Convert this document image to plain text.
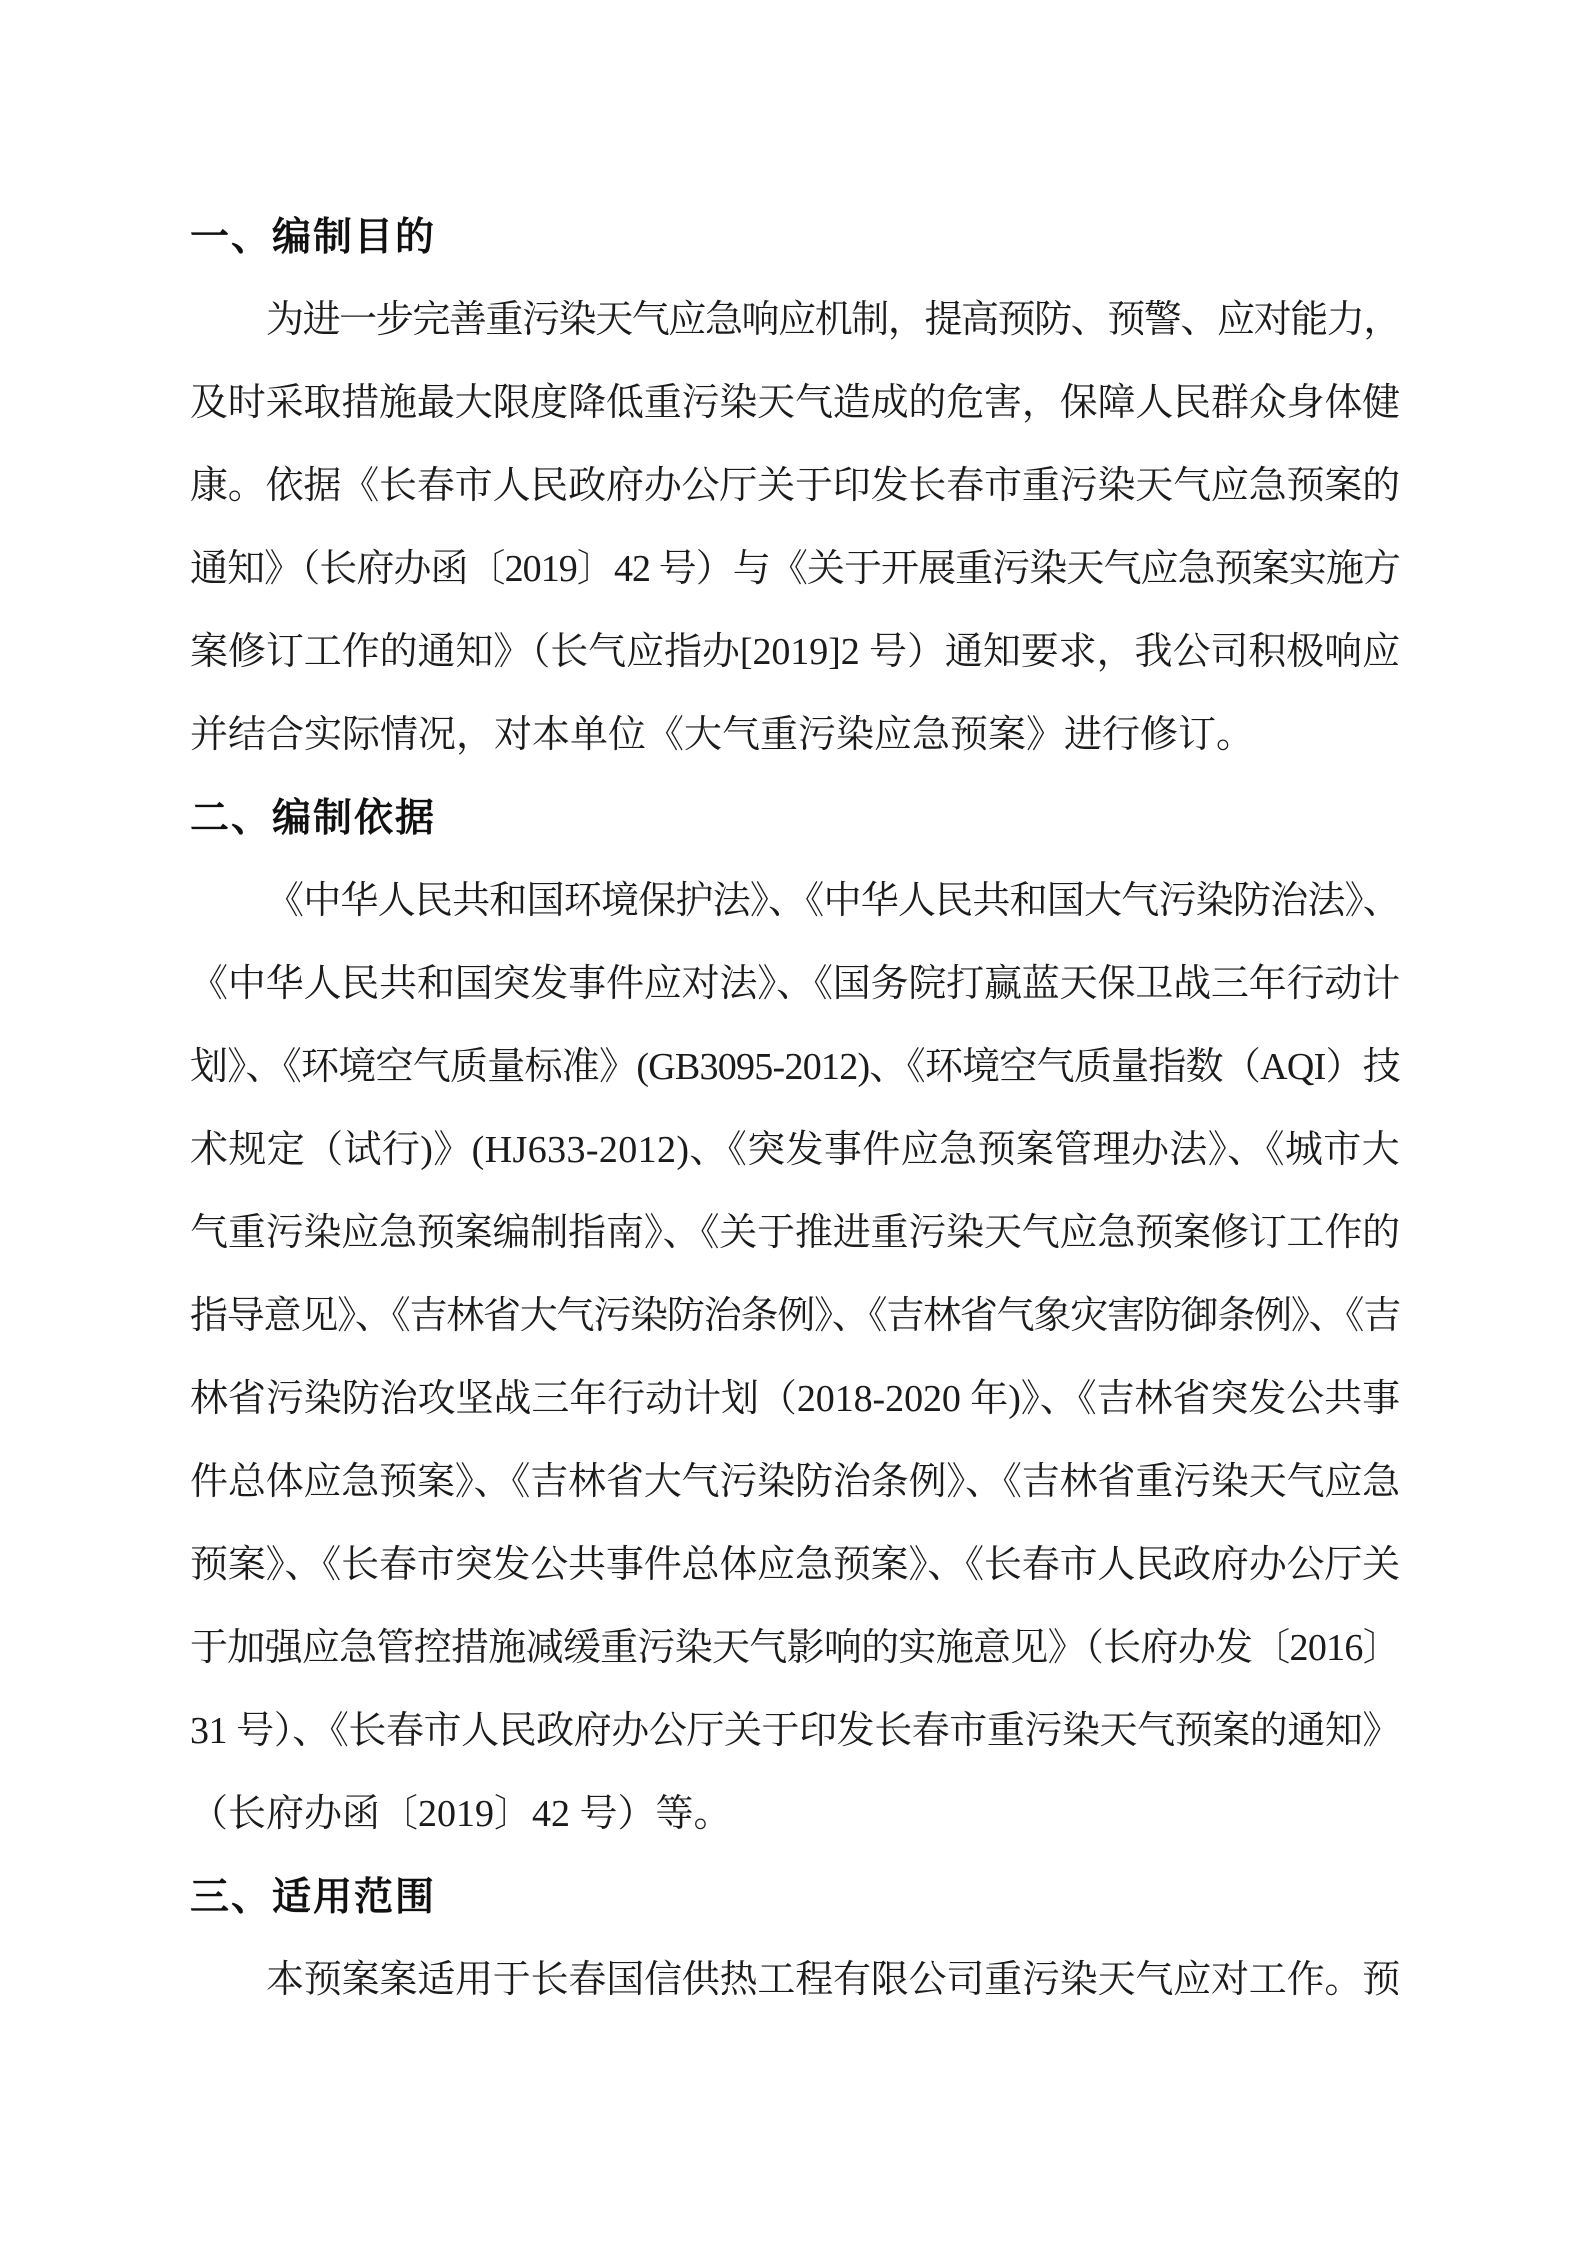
一、编制目的
为进一步完善重污染天气应急响应机制，提高预防、预警、应对能力，
及时采取措施最大限度降低重污染天气造成的危害，保障人民群众身体健
康。依据《长春市人民政府办公厅关于印发长春市重污染天气应急预案的
通知》（长府办函〔2019〕42 号）与《关于开展重污染天气应急预案实施方
案修订工作的通知》（长气应指办[2019]2 号）通知要求，我公司积极响应
并结合实际情况，对本单位《大气重污染应急预案》进行修订。
二、编制依据
《中华人民共和国环境保护法》、《中华人民共和国大气污染防治法》、
《中华人民共和国突发事件应对法》、《国务院打赢蓝天保卫战三年行动计
划》、《环境空气质量标准》(GB3095-2012)、《环境空气质量指数（AQI）技
术规定（试行)》(HJ633-2012)、《突发事件应急预案管理办法》、《城市大
气重污染应急预案编制指南》、《关于推进重污染天气应急预案修订工作的
指导意见》、《吉林省大气污染防治条例》、《吉林省气象灾害防御条例》、《吉
林省污染防治攻坚战三年行动计划（2018-2020 年)》、《吉林省突发公共事
件总体应急预案》、《吉林省大气污染防治条例》、《吉林省重污染天气应急
预案》、《长春市突发公共事件总体应急预案》、《长春市人民政府办公厅关
于加强应急管控措施减缓重污染天气影响的实施意见》（长府办发〔2016〕
31 号）、《长春市人民政府办公厅关于印发长春市重污染天气预案的通知》
（长府办函〔2019〕42 号）等。
三、适用范围
本预案案适用于长春国信供热工程有限公司重污染天气应对工作。预
